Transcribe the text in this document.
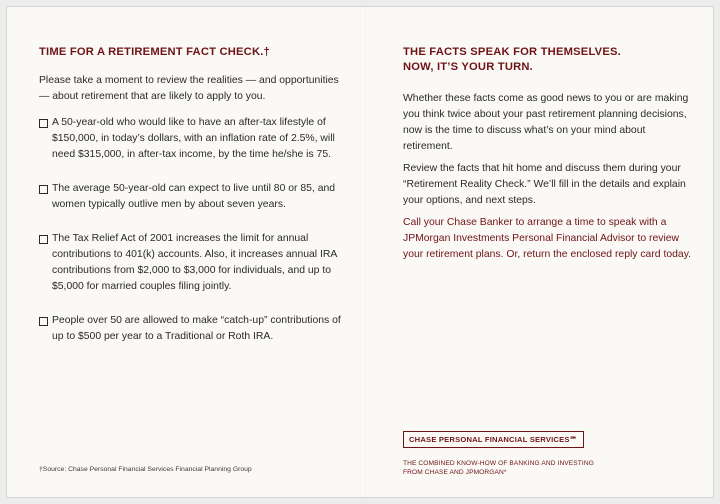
TIME FOR A RETIREMENT FACT CHECK.†

Please take a moment to review the realities — and opportunities — about retirement that are likely to apply to you.

A 50-year-old who would like to have an after-tax lifestyle of $150,000, in today’s dollars, with an inflation rate of 2.5%, will need $315,000, in after-tax income, by the time he/she is 75.
The average 50-year-old can expect to live until 80 or 85, and women typically outlive men by about seven years.
The Tax Relief Act of 2001 increases the limit for annual contributions to 401(k) accounts. Also, it increases annual IRA contributions from $2,000 to $3,000 for individuals, and up to $5,000 for married couples filing jointly.
People over 50 are allowed to make “catch-up” contributions of up to $500 per year to a Traditional or Roth IRA.

†Source: Chase Personal Financial Services Financial Planning Group

THE FACTS SPEAK FOR THEMSELVES.
NOW, IT’S YOUR TURN.

Whether these facts come as good news to you or are making you think twice about your past retirement planning decisions, now is the time to discuss what’s on your mind about retirement.

Review the facts that hit home and discuss them during your “Retirement Reality Check.” We’ll fill in the details and explain your options, and next steps.

Call your Chase Banker to arrange a time to speak with a JPMorgan Investments Personal Financial Advisor to review your retirement plans. Or, return the enclosed reply card today.

CHASE PERSONAL FINANCIAL SERVICES℠

THE COMBINED KNOW-HOW OF BANKING AND INVESTING
FROM CHASE AND JPMORGAN*
